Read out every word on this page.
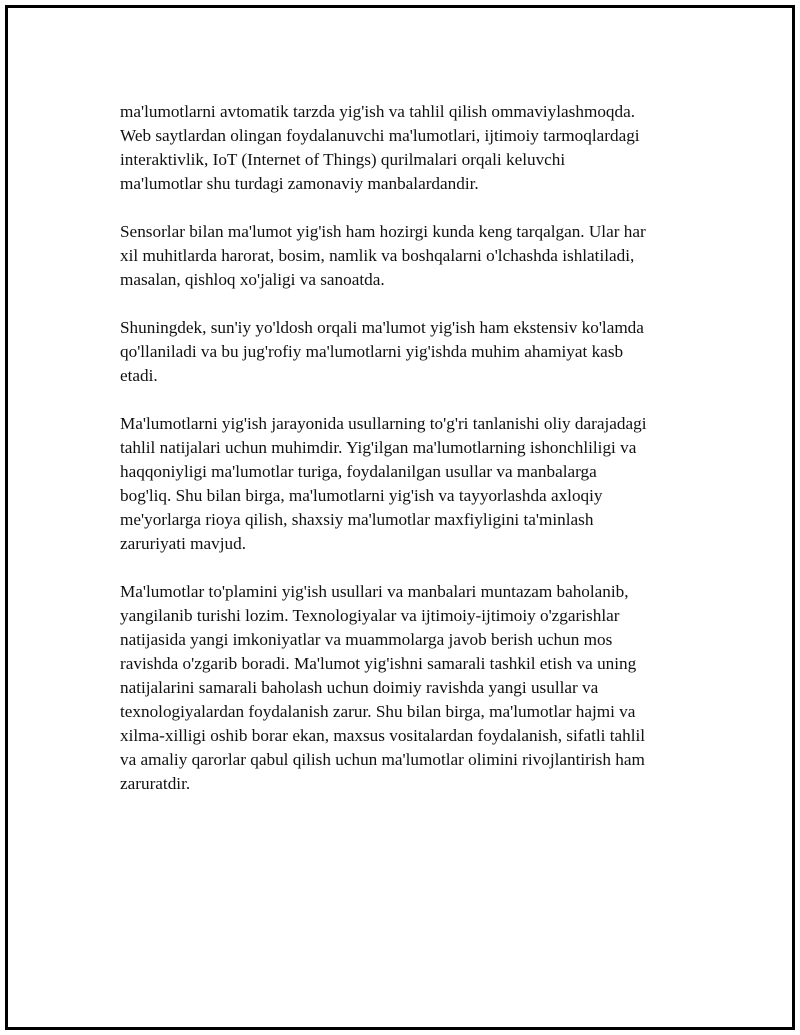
ma'lumotlarni avtomatik tarzda yig'ish va tahlil qilish ommaviylashmoqda.
Web saytlardan olingan foydalanuvchi ma'lumotlari, ijtimoiy tarmoqlardagi
interaktivlik, IoT (Internet of Things) qurilmalari orqali keluvchi
ma'lumotlar shu turdagi zamonaviy manbalardandir.

Sensorlar bilan ma'lumot yig'ish ham hozirgi kunda keng tarqalgan. Ular har
xil muhitlarda harorat, bosim, namlik va boshqalarni o'lchashda ishlatiladi,
masalan, qishloq xo'jaligi va sanoatda.

Shuningdek, sun'iy yo'ldosh orqali ma'lumot yig'ish ham ekstensiv ko'lamda
qo'llaniladi va bu jug'rofiy ma'lumotlarni yig'ishda muhim ahamiyat kasb
etadi.

Ma'lumotlarni yig'ish jarayonida usullarning to'g'ri tanlanishi oliy darajadagi
tahlil natijalari uchun muhimdir. Yig'ilgan ma'lumotlarning ishonchliligi va
haqqoniyligi ma'lumotlar turiga, foydalanilgan usullar va manbalarga
bog'liq. Shu bilan birga, ma'lumotlarni yig'ish va tayyorlashda axloqiy
me'yorlarga rioya qilish, shaxsiy ma'lumotlar maxfiyligini ta'minlash
zaruriyati mavjud.

Ma'lumotlar to'plamini yig'ish usullari va manbalari muntazam baholanib,
yangilanib turishi lozim. Texnologiyalar va ijtimoiy-ijtimoiy o'zgarishlar
natijasida yangi imkoniyatlar va muammolarga javob berish uchun mos
ravishda o'zgarib boradi. Ma'lumot yig'ishni samarali tashkil etish va uning
natijalarini samarali baholash uchun doimiy ravishda yangi usullar va
texnologiyalardan foydalanish zarur. Shu bilan birga, ma'lumotlar hajmi va
xilma-xilligi oshib borar ekan, maxsus vositalardan foydalanish, sifatli tahlil
va amaliy qarorlar qabul qilish uchun ma'lumotlar olimini rivojlantirish ham
zaruratdir.
